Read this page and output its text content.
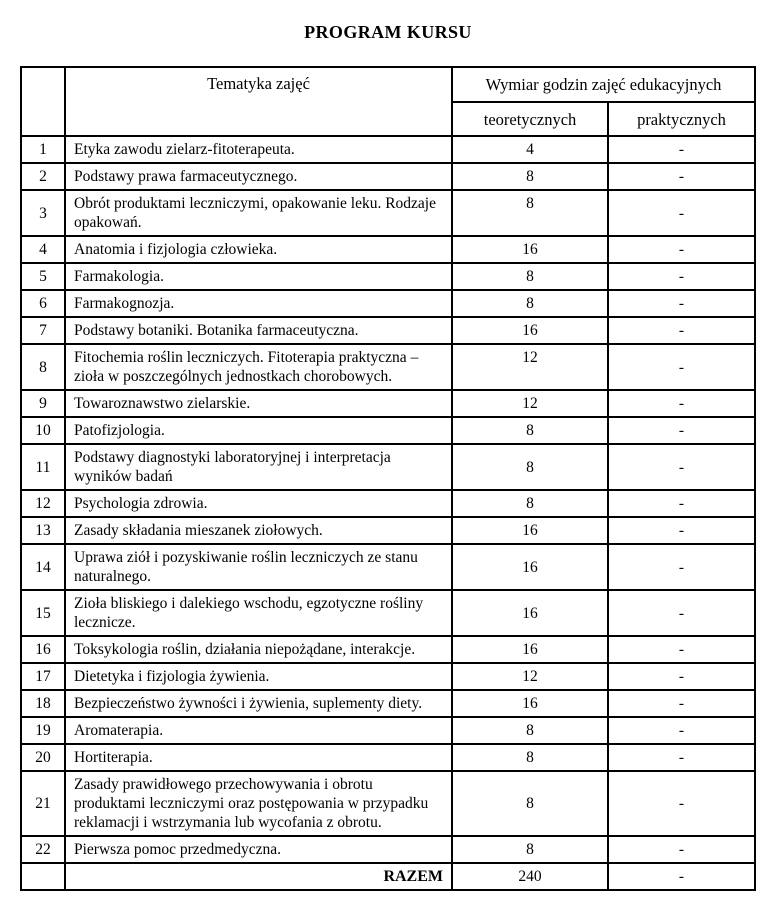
PROGRAM KURSU
	Tematyka zajęć	Wymiar godzin zajęć edukacyjnych	
		teoretycznych	praktycznych
1	Etyka zawodu zielarz-fitoterapeuta.	4	-
2	Podstawy prawa farmaceutycznego.	8	-
3	Obrót produktami leczniczymi, opakowanie leku. Rodzaje opakowań.	8	-
4	Anatomia i fizjologia człowieka.	16	-
5	Farmakologia.	8	-
6	Farmakognozja.	8	-
7	Podstawy botaniki. Botanika farmaceutyczna.	16	-
8	Fitochemia roślin leczniczych. Fitoterapia praktyczna – zioła w poszczególnych jednostkach chorobowych.	12	-
9	Towaroznawstwo zielarskie.	12	-
10	Patofizjologia.	8	-
11	Podstawy diagnostyki laboratoryjnej i interpretacja wyników badań	8	-
12	Psychologia zdrowia.	8	-
13	Zasady składania mieszanek ziołowych.	16	-
14	Uprawa ziół i pozyskiwanie roślin leczniczych ze stanu naturalnego.	16	-
15	Zioła bliskiego i dalekiego wschodu, egzotyczne rośliny lecznicze.	16	-
16	Toksykologia roślin, działania niepożądane, interakcje.	16	-
17	Dietetyka i fizjologia żywienia.	12	-
18	Bezpieczeństwo żywności i żywienia, suplementy diety.	16	-
19	Aromaterapia.	8	-
20	Hortiterapia.	8	-
21	Zasady prawidłowego przechowywania i obrotu produktami leczniczymi oraz postępowania w przypadku reklamacji i wstrzymania lub wycofania z obrotu.	8	-
22	Pierwsza pomoc przedmedyczna.	8	-
	RAZEM	240	-
